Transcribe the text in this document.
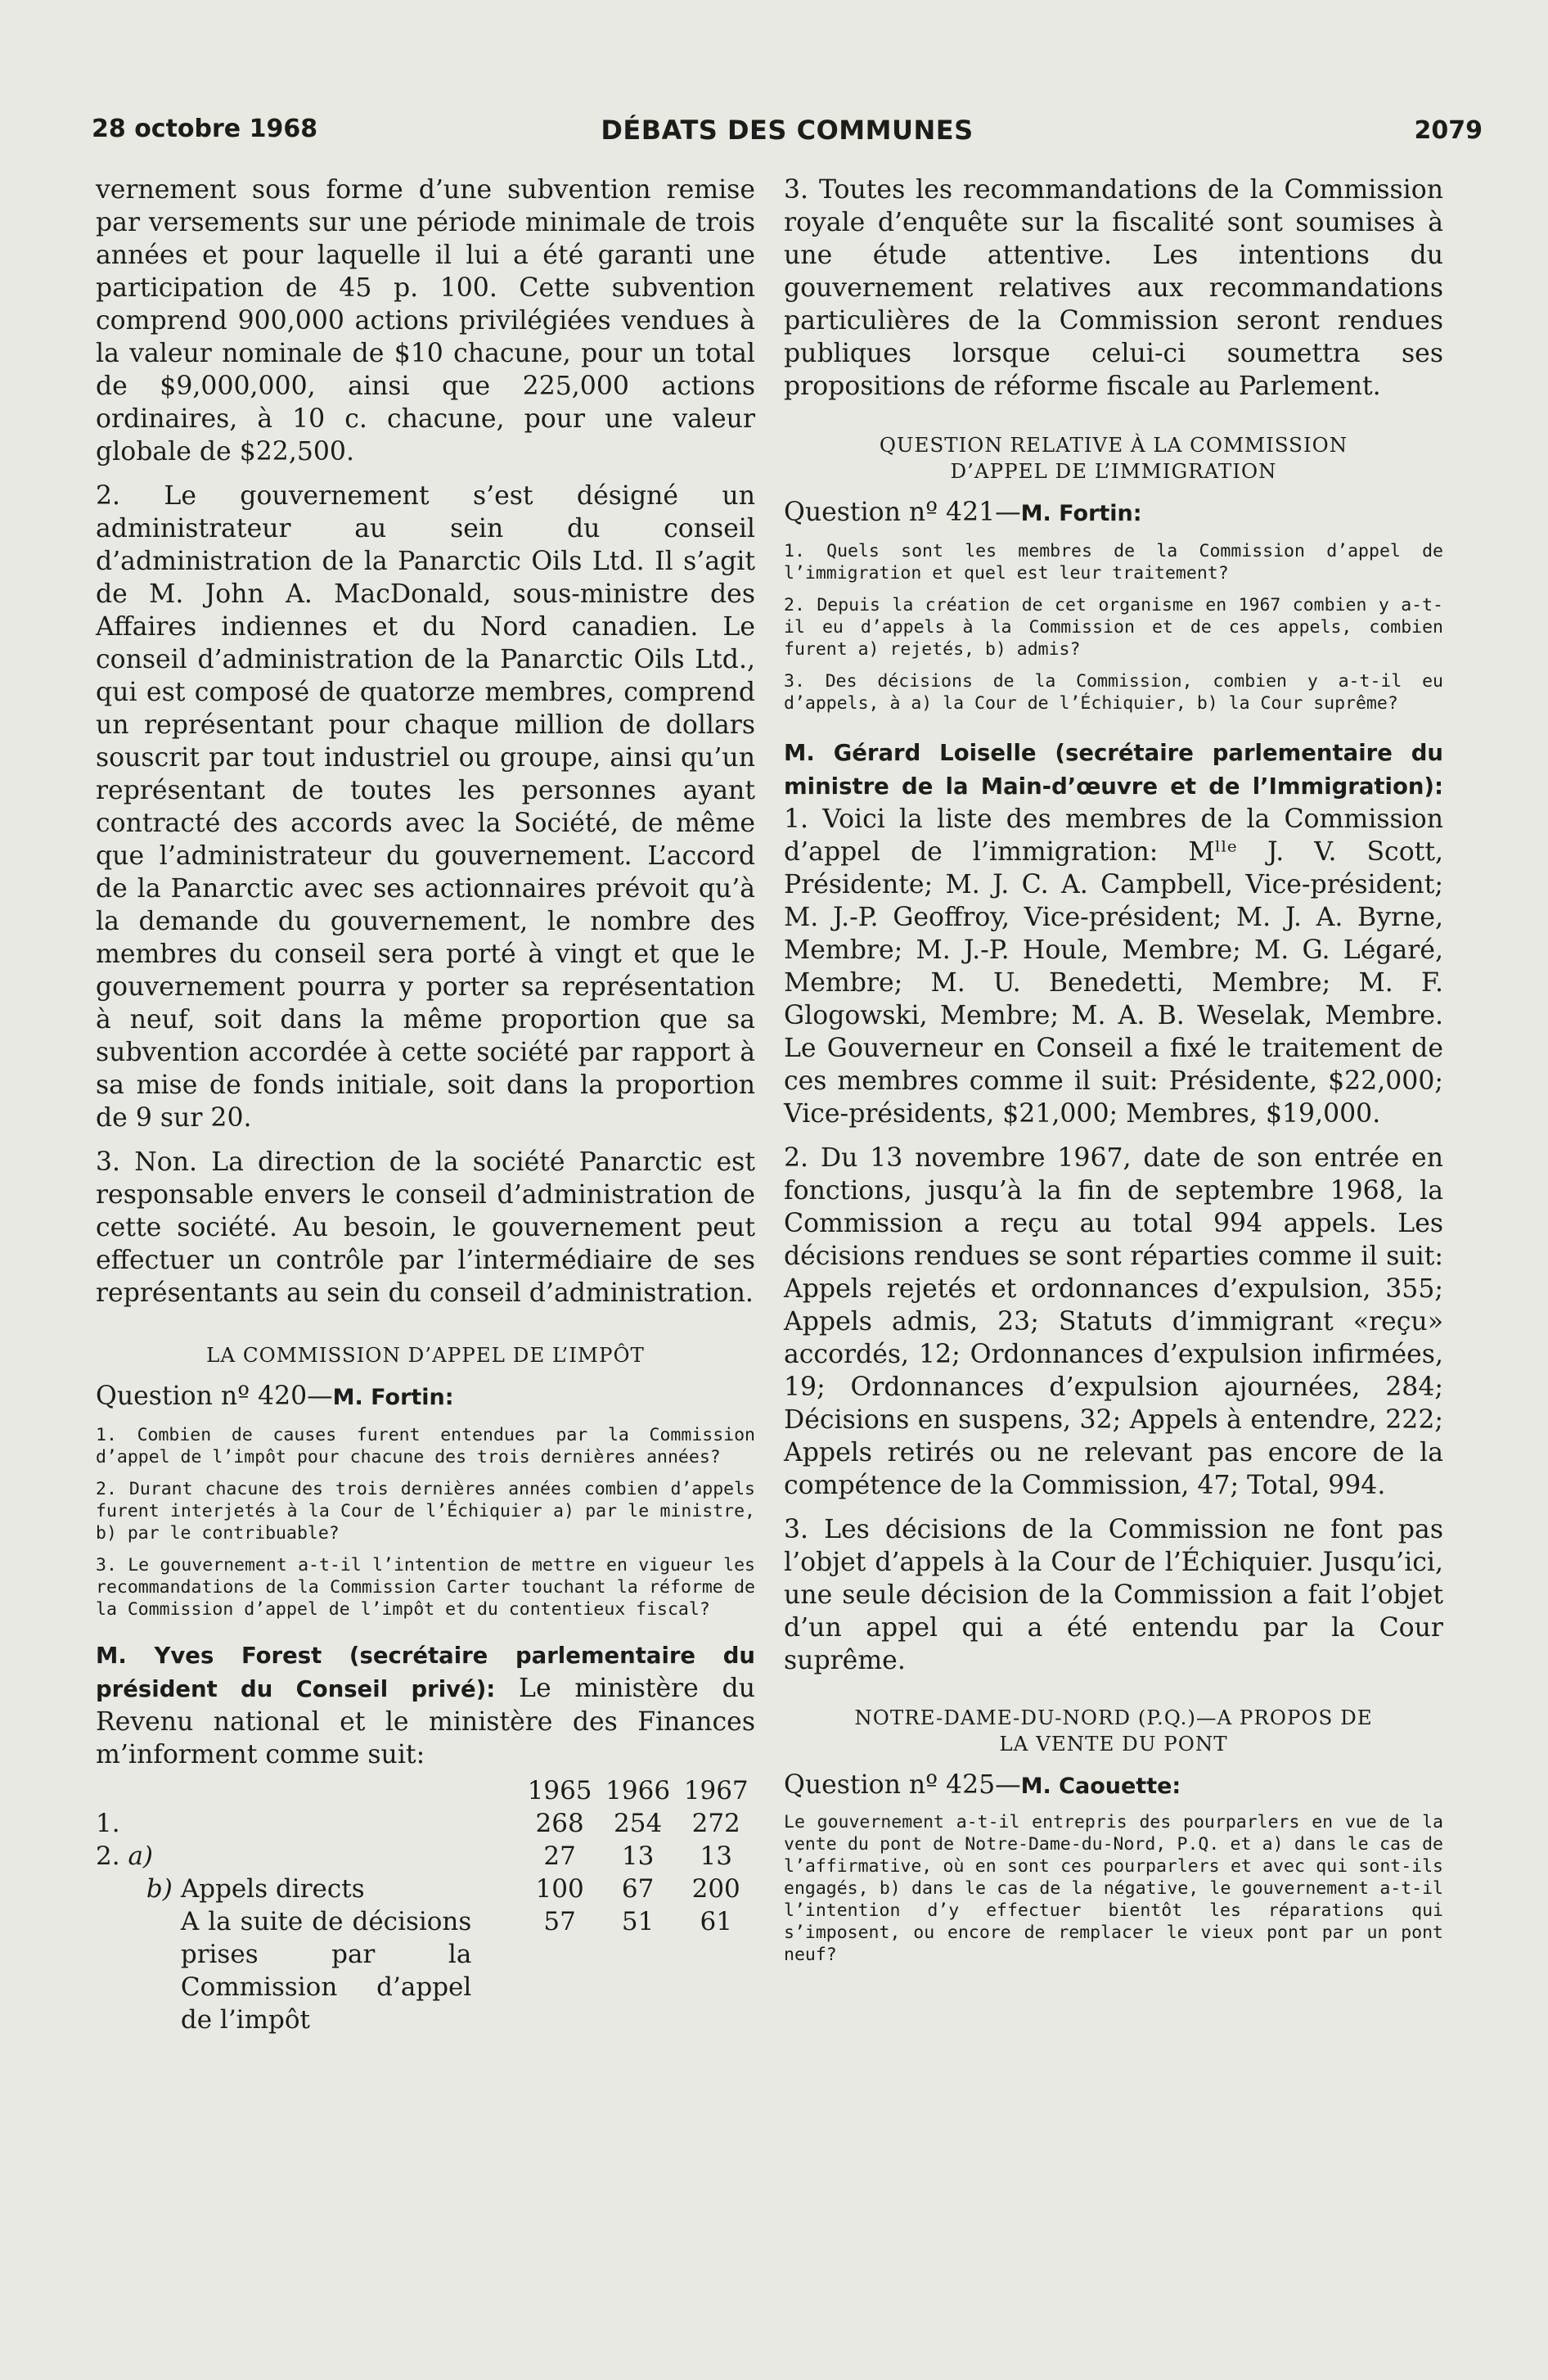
28 octobre 1968	DÉBATS DES COMMUNES	2079

vernement sous forme d’une subvention remise par versements sur une période minimale de trois années et pour laquelle il lui a été garanti une participation de 45 p. 100. Cette subvention comprend 900,000 actions privilégiées vendues à la valeur nominale de $10 chacune, pour un total de $9,000,000, ainsi que 225,000 actions ordinaires, à 10 c. chacune, pour une valeur globale de $22,500.

2. Le gouvernement s’est désigné un administrateur au sein du conseil d’administration de la Panarctic Oils Ltd. Il s’agit de M. John A. MacDonald, sous-ministre des Affaires indiennes et du Nord canadien. Le conseil d’administration de la Panarctic Oils Ltd., qui est composé de quatorze membres, comprend un représentant pour chaque million de dollars souscrit par tout industriel ou groupe, ainsi qu’un représentant de toutes les personnes ayant contracté des accords avec la Société, de même que l’administrateur du gouvernement. L’accord de la Panarctic avec ses actionnaires prévoit qu’à la demande du gouvernement, le nombre des membres du conseil sera porté à vingt et que le gouvernement pourra y porter sa représentation à neuf, soit dans la même proportion que sa subvention accordée à cette société par rapport à sa mise de fonds initiale, soit dans la proportion de 9 sur 20.

3. Non. La direction de la société Panarctic est responsable envers le conseil d’administration de cette société. Au besoin, le gouvernement peut effectuer un contrôle par l’intermédiaire de ses représentants au sein du conseil d’administration.

LA COMMISSION D’APPEL DE L’IMPÔT

Question nº 420—M. Fortin:

1. Combien de causes furent entendues par la Commission d’appel de l’impôt pour chacune des trois dernières années?

2. Durant chacune des trois dernières années combien d’appels furent interjetés à la Cour de l’Échiquier a) par le ministre, b) par le contribuable?

3. Le gouvernement a-t-il l’intention de mettre en vigueur les recommandations de la Commission Carter touchant la réforme de la Commission d’appel de l’impôt et du contentieux fiscal?

M. Yves Forest (secrétaire parlementaire du président du Conseil privé): Le ministère du Revenu national et le ministère des Finances m’informent comme suit:

		1965	1966	1967
1.		268	254	272
2. a)		27	13	13
b)	Appels directs	100	67	200
	A la suite de décisions prises par la Commission d’appel de l’impôt	57	51	61

3. Toutes les recommandations de la Commission royale d’enquête sur la fiscalité sont soumises à une étude attentive. Les intentions du gouvernement relatives aux recommandations particulières de la Commission seront rendues publiques lorsque celui-ci soumettra ses propositions de réforme fiscale au Parlement.

QUESTION RELATIVE À LA COMMISSION
D’APPEL DE L’IMMIGRATION

Question nº 421—M. Fortin:

1. Quels sont les membres de la Commission d’appel de l’immigration et quel est leur traitement?

2. Depuis la création de cet organisme en 1967 combien y a-t-il eu d’appels à la Commission et de ces appels, combien furent a) rejetés, b) admis?

3. Des décisions de la Commission, combien y a-t-il eu d’appels, à a) la Cour de l’Échiquier, b) la Cour suprême?

M. Gérard Loiselle (secrétaire parlementaire du ministre de la Main-d’œuvre et de l’Immigration): 1. Voici la liste des membres de la Commission d’appel de l’immigration: Mˡˡᵉ J. V. Scott, Présidente; M. J. C. A. Campbell, Vice-président; M. J.-P. Geoffroy, Vice-président; M. J. A. Byrne, Membre; M. J.-P. Houle, Membre; M. G. Légaré, Membre; M. U. Benedetti, Membre; M. F. Glogowski, Membre; M. A. B. Weselak, Membre. Le Gouverneur en Conseil a fixé le traitement de ces membres comme il suit: Présidente, $22,000; Vice-présidents, $21,000; Membres, $19,000.

2. Du 13 novembre 1967, date de son entrée en fonctions, jusqu’à la fin de septembre 1968, la Commission a reçu au total 994 appels. Les décisions rendues se sont réparties comme il suit: Appels rejetés et ordonnances d’expulsion, 355; Appels admis, 23; Statuts d’immigrant «reçu» accordés, 12; Ordonnances d’expulsion infirmées, 19; Ordonnances d’expulsion ajournées, 284; Décisions en suspens, 32; Appels à entendre, 222; Appels retirés ou ne relevant pas encore de la compétence de la Commission, 47; Total, 994.

3. Les décisions de la Commission ne font pas l’objet d’appels à la Cour de l’Échiquier. Jusqu’ici, une seule décision de la Commission a fait l’objet d’un appel qui a été entendu par la Cour suprême.

NOTRE-DAME-DU-NORD (P.Q.)—A PROPOS DE
LA VENTE DU PONT

Question nº 425—M. Caouette:

Le gouvernement a-t-il entrepris des pourparlers en vue de la vente du pont de Notre-Dame-du-Nord, P.Q. et a) dans le cas de l’affirmative, où en sont ces pourparlers et avec qui sont-ils engagés, b) dans le cas de la négative, le gouvernement a-t-il l’intention d’y effectuer bientôt les réparations qui s’imposent, ou encore de remplacer le vieux pont par un pont neuf?
